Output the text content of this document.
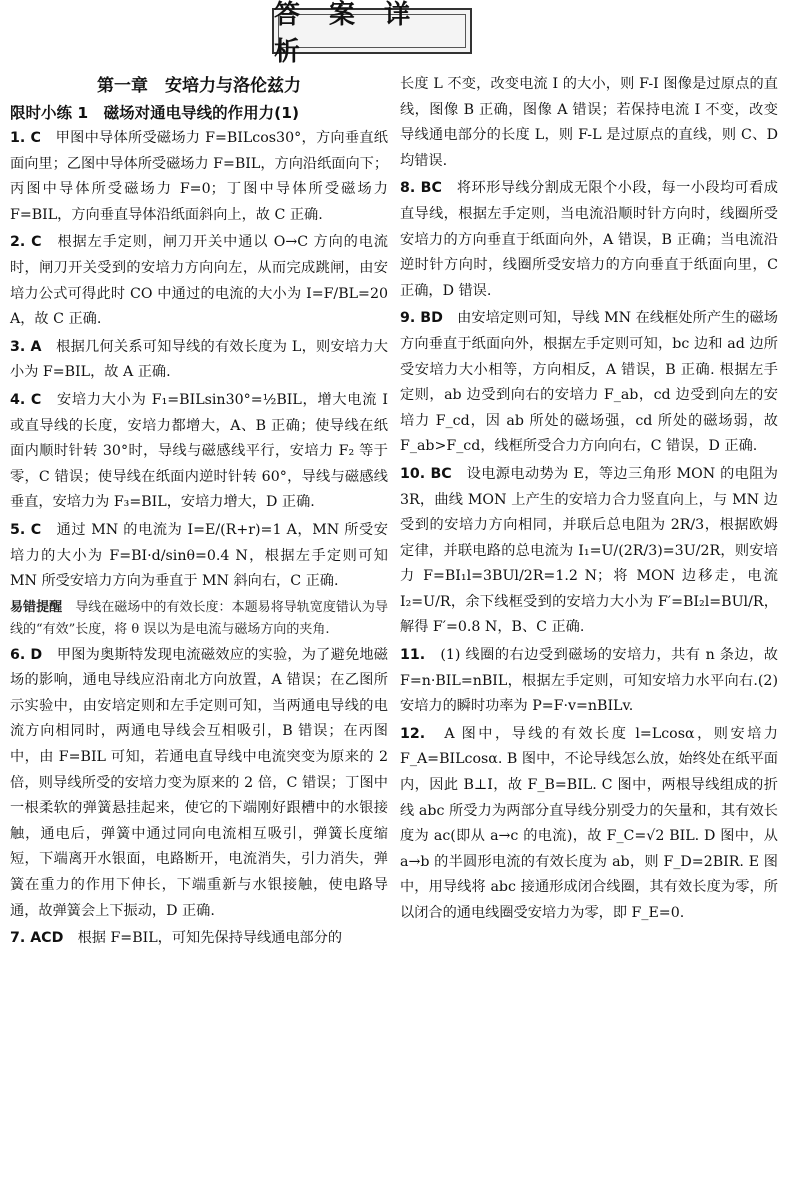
答 案 详 析
第一章　安培力与洛伦兹力
限时小练 1　磁场对通电导线的作用力(1)

1. C　 甲图中导体所受磁场力 F=BILcos30°，方向垂直纸面向里；乙图中导体所受磁场力 F=BIL，方向沿纸面向下；丙图中导体所受磁场力 F=0；丁图中导体所受磁场力 F=BIL，方向垂直导体沿纸面斜向上，故 C 正确.

2. C　 根据左手定则，闸刀开关中通以 O→C 方向的电流时，闸刀开关受到的安培力方向向左，从而完成跳闸，由安培力公式可得此时 CO 中通过的电流的大小为 I=F/BL=20 A，故 C 正确.

3. A　 根据几何关系可知导线的有效长度为 L，则安培力大小为 F=BIL，故 A 正确.

4. C　 安培力大小为 F₁=BILsin30°=½BIL，增大电流 I 或直导线的长度，安培力都增大，A、B 正确；使导线在纸面内顺时针转 30°时，导线与磁感线平行，安培力 F₂ 等于零，C 错误；使导线在纸面内逆时针转 60°，导线与磁感线垂直，安培力为 F₃=BIL，安培力增大，D 正确.

5. C　 通过 MN 的电流为 I=E/(R+r)=1 A，MN 所受安培力的大小为 F=BI·d/sinθ=0.4 N，根据左手定则可知 MN 所受安培力方向为垂直于 MN 斜向右，C 正确.

易错提醒　 导线在磁场中的有效长度：本题易将导轨宽度错认为导线的“有效”长度，将 θ 误以为是电流与磁场方向的夹角.

6. D　 甲图为奥斯特发现电流磁效应的实验，为了避免地磁场的影响，通电导线应沿南北方向放置，A 错误；在乙图所示实验中，由安培定则和左手定则可知，当两通电导线的电流方向相同时，两通电导线会互相吸引，B 错误；在丙图中，由 F=BIL 可知，若通电直导线中电流突变为原来的 2 倍，则导线所受的安培力变为原来的 2 倍，C 错误；丁图中一根柔软的弹簧悬挂起来，使它的下端刚好跟槽中的水银接触，通电后，弹簧中通过同向电流相互吸引，弹簧长度缩短，下端离开水银面，电路断开，电流消失，引力消失，弹簧在重力的作用下伸长，下端重新与水银接触，使电路导通，故弹簧会上下振动，D 正确.

7. ACD　 根据 F=BIL，可知先保持导线通电部分的

长度 L 不变，改变电流 I 的大小，则 F-I 图像是过原点的直线，图像 B 正确，图像 A 错误；若保持电流 I 不变，改变导线通电部分的长度 L，则 F-L 是过原点的直线，则 C、D 均错误.

8. BC　 将环形导线分割成无限个小段，每一小段均可看成直导线，根据左手定则，当电流沿顺时针方向时，线圈所受安培力的方向垂直于纸面向外，A 错误，B 正确；当电流沿逆时针方向时，线圈所受安培力的方向垂直于纸面向里，C 正确，D 错误.

9. BD　 由安培定则可知，导线 MN 在线框处所产生的磁场方向垂直于纸面向外，根据左手定则可知，bc 边和 ad 边所受安培力大小相等，方向相反，A 错误，B 正确. 根据左手定则，ab 边受到向右的安培力 F_ab，cd 边受到向左的安培力 F_cd，因 ab 所处的磁场强，cd 所处的磁场弱，故 F_ab>F_cd，线框所受合力方向向右，C 错误，D 正确.

10. BC　 设电源电动势为 E，等边三角形 MON 的电阻为 3R，曲线 MON 上产生的安培力合力竖直向上，与 MN 边受到的安培力方向相同，并联后总电阻为 2R/3，根据欧姆定律，并联电路的总电流为 I₁=U/(2R/3)=3U/2R，则安培力 F=BI₁l=3BUl/2R=1.2 N；将 MON 边移走，电流 I₂=U/R，余下线框受到的安培力大小为 F′=BI₂l=BUl/R，解得 F′=0.8 N，B、C 正确.

11.　 (1) 线圈的右边受到磁场的安培力，共有 n 条边，故 F=n·BIL=nBIL，根据左手定则，可知安培力水平向右.(2) 安培力的瞬时功率为 P=F·v=nBILv.

12.　 A 图中，导线的有效长度 l=Lcosα，则安培力 F_A=BILcosα. B 图中，不论导线怎么放，始终处在纸平面内，因此 B⊥I，故 F_B=BIL. C 图中，两根导线组成的折线 abc 所受力为两部分直导线分别受力的矢量和，其有效长度为 ac(即从 a→c 的电流)，故 F_C=√2 BIL. D 图中，从 a→b 的半圆形电流的有效长度为 ab，则 F_D=2BIR. E 图中，用导线将 abc 接通形成闭合线圈，其有效长度为零，所以闭合的通电线圈受安培力为零，即 F_E=0.
